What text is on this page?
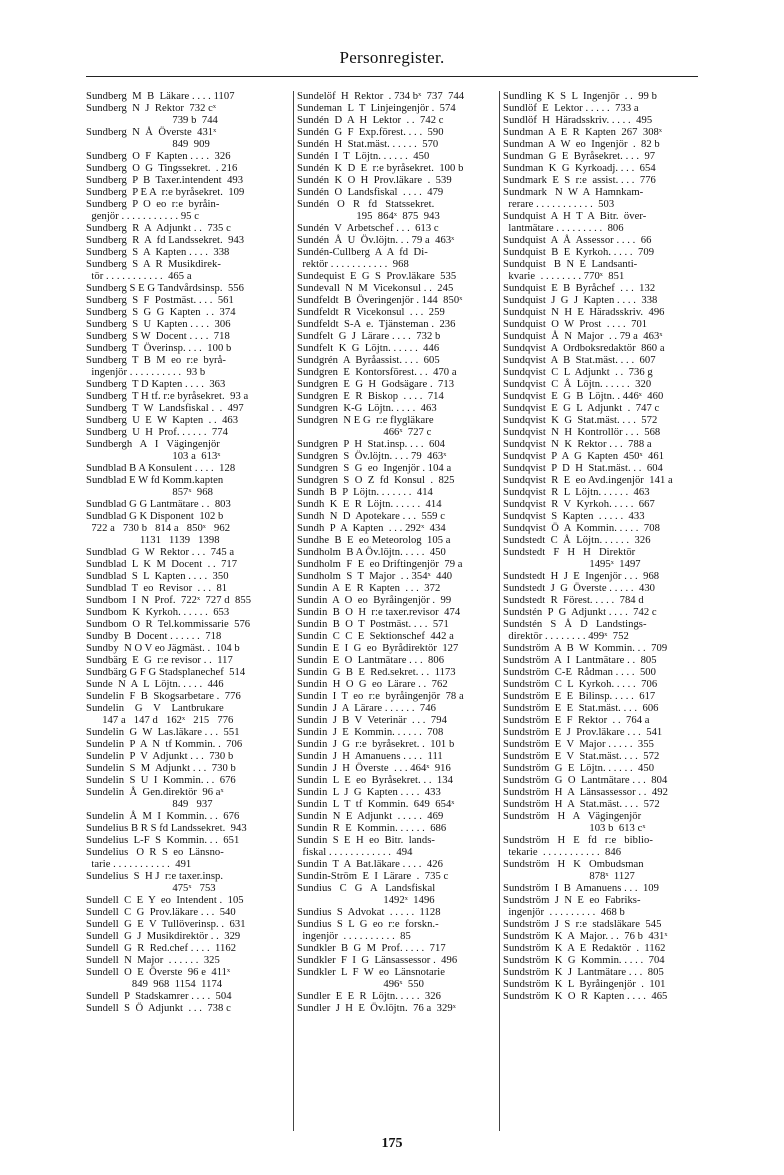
Personregister.
Sundberg  M  B  Läkare . . . . 1107
Sundberg  N  J  Rektor  732 cˣ
739 b  744
Sundberg  N  Å  Överste  431ˣ
849  909
Sundberg  O  F  Kapten . . . .  326
Sundberg  O  G  Tingssekret.  . 216
Sundberg  P  B  Taxer.intendent  493
Sundberg  P E A  r:e byråsekret.  109
Sundberg  P  O  eo  r:e  byråin-
genjör . . . . . . . . . . . 95 c
Sundberg  R  A  Adjunkt . .  735 c
Sundberg  R  A  fd Landssekret.  943
Sundberg  S  A  Kapten . . . .  338
Sundberg  S  A  R  Musikdirek-
tör . . . . . . . . . . .  465 a
Sundberg S E G Tandvårdsinsp.  556
Sundberg  S  F  Postmäst. . . .  561
Sundberg  S  G  G  Kapten  . .  374
Sundberg  S  U  Kapten . . . .  306
Sundberg  S W  Docent . . . .  718
Sundberg  T  Överinsp. . . .  100 b
Sundberg  T  B  M  eo  r:e  byrå-
ingenjör . . . . . . . . . .  93 b
Sundberg  T D Kapten . . . .  363
Sundberg  T H tf. r:e byråsekret.  93 a
Sundberg  T  W  Landsfiskal .  .  497
Sundberg  U  E  W  Kapten  . .  463
Sundberg  U  H  Prof. . . . . .  774
Sundbergh   A   I   Vägingenjör
103 a  613ˣ
Sundblad B A Konsulent . . . .  128
Sundblad E W fd Komm.kapten
857ˣ  968
Sundblad G G Lantmätare . .  803
Sundblad G K Disponent  102 b
722 a   730 b   814 a   850ˣ   962
1131   1139   1398
Sundblad  G  W  Rektor . . .  745 a
Sundblad  L  K  M  Docent  . .  717
Sundblad  S  L  Kapten . . . .  350
Sundblad  T  eo  Revisor  . . .  81
Sundbom  I  N  Prof.  722ˣ  727 d  855
Sundbom  K  Kyrkoh. . . . . .  653
Sundbom  O  R  Tel.kommissarie  576
Sundby  B  Docent . . . . . .  718
Sundby  N O V eo Jägmäst. .  104 b
Sundbärg  E  G  r:e revisor . .  117
Sundbärg G F G Stadsplanechef  514
Sunde  N  A  L  Löjtn. . . . .  446
Sundelin  F  B  Skogsarbetare .  776
Sundelin    G    V    Lantbrukare
147 a   147 d   162ˣ   215   776
Sundelin  G  W  Las.läkare . . .  551
Sundelin  P  A  N  tf Kommin. .  706
Sundelin  P  V  Adjunkt . . .  730 b
Sundelin  S  M  Adjunkt . . .  730 b
Sundelin  S  U  I  Kommin. . .  676
Sundelin  Å  Gen.direktör  96 aˣ
849   937
Sundelin  Å  M  I  Kommin. . .  676
Sundelius B R S fd Landssekret.  943
Sundelius  L-F  S  Kommin. . .  651
Sundelius   O  R  S  eo  Länsno-
tarie . . . . . . . . . . .  491
Sundelius  S  H J  r:e taxer.insp.
475ˣ   753
Sundell  C  E  Y  eo  Intendent .  105
Sundell  C  G  Prov.läkare . . .  540
Sundell  G  E  V  Tullöverinsp. .  631
Sundell  G  J  Musikdirektör . .  329
Sundell  G  R  Red.chef . . . .  1162
Sundell  N  Major  . . . . . .  325
Sundell  O  E  Överste  96 e  411ˣ
849  968  1154  1174
Sundell  P  Stadskamrer . . . .  504
Sundell  S  Ö  Adjunkt  . . .  738 c
Sundelöf  H  Rektor  . 734 bˣ  737  744
Sundeman  L  T  Linjeingenjör .  574
Sundén  D  A  H  Lektor  . .  742 c
Sundén  G  F  Exp.förest. . . .  590
Sundén  H  Stat.mäst. . . . . .  570
Sundén  I  T  Löjtn. . . . . .  450
Sundén  K  D  E  r:e byråsekret.  100 b
Sundén  K  O  H  Prov.läkare  .  539
Sundén  O  Landsfiskal  . . . .  479
Sundén   O   R   fd   Statssekret.
195  864ˣ  875  943
Sundén  V  Arbetschef . . .  613 c
Sundén  Å  U  Öv.löjtn. . . 79 a  463ˣ
Sundén-Cullberg  A  A  fd  Di-
rektör . . . . . . . . . . .  968
Sundequist  E  G  S  Prov.läkare  535
Sundevall  N  M  Vicekonsul . .  245
Sundfeldt  B  Överingenjör . 144  850ˣ
Sundfeldt  R  Vicekonsul  . . .  259
Sundfeldt  S-A  e.  Tjänsteman .  236
Sundfelt  G  J  Lärare . . . .  732 b
Sundfelt  K  G  Löjtn. . . . . .  446
Sundgrén  A  Byråassist. . . .  605
Sundgren  E  Kontorsförest. . .  470 a
Sundgren  E  G  H  Godsägare .  713
Sundgren  E  R  Biskop  . . . .  714
Sundgren  K-G  Löjtn. . . . .  463
Sundgren  N E G  r:e flygläkare
466ˣ  727 c
Sundgren  P  H  Stat.insp. . . .  604
Sundgren  S  Öv.löjtn. . . . 79  463ˣ
Sundgren  S  G  eo  Ingenjör . 104 a
Sundgren  S  O  Z  fd  Konsul  .  825
Sundh  B  P  Löjtn. . . . . . .  414
Sundh  K  E  R  Löjtn. . . . . .  414
Sundh  N  D  Apotekare . . .  559 c
Sundh  P  A  Kapten  . . . 292ˣ  434
Sundhe  B  E  eo Meteorolog  105 a
Sundholm  B A Öv.löjtn. . . . .  450
Sundholm  F  E  eo Driftingenjör  79 a
Sundholm  S  T  Major  . . 354ˣ  440
Sundin  A  E  R  Kapten  . . .  372
Sundin  A  O  eo  Byråingenjör .  99
Sundin  B  O  H  r:e taxer.revisor  474
Sundin  B  O  T  Postmäst. . . .  571
Sundin  C  C  E  Sektionschef  442 a
Sundin  E  I  G  eo  Byrådirektör  127
Sundin  E  O  Lantmätare . . .  806
Sundin  G  B  E  Red.sekret. . .  1173
Sundin  H  O  G  eo  Lärare . .  762
Sundin  I  T  eo  r:e  byråingenjör  78 a
Sundin  J  A  Lärare . . . . . .  746
Sundin  J  B  V  Veterinär  . . .  794
Sundin  J  E  Kommin. . . . . .  708
Sundin  J  G  r:e  byråsekret. .  101 b
Sundin  J  H  Amanuens . . . .  111
Sundin  J  H  Överste  . . . 464ˣ  916
Sundin  L  E  eo  Byråsekret. . .  134
Sundin  L  J  G  Kapten . . . .  433
Sundin  L  T  tf  Kommin.  649  654ˣ
Sundin  N  E  Adjunkt  . . . . .  469
Sundin  R  E  Kommin. . . . . .  686
Sundin  S  E  H  eo  Bitr.  lands-
fiskal . . . . . . . . . . . .  494
Sundin  T  A  Bat.läkare . . . .  426
Sundin-Ström  E  I  Lärare  .  735 c
Sundius   C   G   A   Landsfiskal
1492ˣ  1496
Sundius  S  Advokat  . . . . .  1128
Sundius  S  L  G  eo  r:e  forskn.-
ingenjör  . . . . . . . . . .  85
Sundkler  B  G  M  Prof. . . . .  717
Sundkler  F  I  G  Länsassessor .  496
Sundkler  L  F  W  eo  Länsnotarie
496ˣ  550
Sundler  E  E  R  Löjtn. . . . .  326
Sundler  J  H  E  Öv.löjtn.  76 a  329ˣ
Sundling  K  S  L  Ingenjör  . .  99 b
Sundlöf  E  Lektor . . . . .  733 a
Sundlöf  H  Häradsskriv. . . . .  495
Sundman  A  E  R  Kapten  267  308ˣ
Sundman  A  W  eo  Ingenjör  .  82 b
Sundman  G  E  Byråsekret. . . .  97
Sundman  K  G  Kyrkoadj. . . .  654
Sundmark  E  S  r:e  assist. . . .  776
Sundmark   N  W  A  Hamnkam-
rerare . . . . . . . . . . .  503
Sundquist  A  H  T  A  Bitr.  över-
lantmätare . . . . . . . . .  806
Sundquist  A  Å  Assessor . . . .  66
Sundquist  B  E  Kyrkoh. . . . .  709
Sundquist   B  N  E  Landsanti-
kvarie  . . . . . . . . 770ˣ  851
Sundquist  E  B  Byråchef  . . .  132
Sundquist  J  G  J  Kapten . . . .  338
Sundquist  N  H  E  Häradsskriv.  496
Sundquist  O  W  Prost  . . . .  701
Sundquist  Å  N  Major  . . 79 a  463ˣ
Sundqvist  A  Ordboksredaktör  860 a
Sundqvist  A  B  Stat.mäst. . . .  607
Sundqvist  C  L  Adjunkt  . .  736 g
Sundqvist  C  Å  Löjtn. . . . . .  320
Sundqvist  E  G  B  Löjtn. . 446ˣ  460
Sundqvist  E  G  L  Adjunkt  .  747 c
Sundqvist  K  G  Stat.mäst. . . .  572
Sundqvist  N  H  Kontrollör . . .  568
Sundqvist  N  K  Rektor . . .  788 a
Sundqvist  P  A  G  Kapten  450ˣ  461
Sundqvist  P  D  H  Stat.mäst. . .  604
Sundqvist  R  E  eo Avd.ingenjör  141 a
Sundqvist  R  L  Löjtn. . . . . .  463
Sundqvist  R  V  Kyrkoh. . . . .  667
Sundqvist  S  Kapten  . . . . .  433
Sundqvist  Ö  A  Kommin. . . . .  708
Sundstedt  C  Å  Löjtn. . . . . .  326
Sundstedt   F   H   H   Direktör
1495ˣ  1497
Sundstedt  H  J  E  Ingenjör . . .  968
Sundstedt  J  G  Överste . . . . .  430
Sundstedt  R  Förest. . . . .  784 d
Sundstén  P  G  Adjunkt . . . .  742 c
Sundstén   S   Å   D   Landstings-
direktör . . . . . . . . 499ˣ  752
Sundström  A  B  W  Kommin. . .  709
Sundström  A  I  Lantmätare . .  805
Sundström  C-E  Rådman . . . .  500
Sundström  C  L  Kyrkoh. . . . .  706
Sundström  E  E  Bilinsp. . . . .  617
Sundström  E  E  Stat.mäst. . . .  606
Sundström  E  F  Rektor  . .  764 a
Sundström  E  J  Prov.läkare . . .  541
Sundström  E  V  Major . . . . .  355
Sundström  E  V  Stat.mäst. . . .  572
Sundström  G  E  Löjtn. . . . . .  450
Sundström  G  O  Lantmätare . . .  804
Sundström  H  A  Länsassessor . .  492
Sundström  H  A  Stat.mäst. . . .  572
Sundström   H   A   Vägingenjör
103 b  613 cˣ
Sundström   H   E   fd   r:e   biblio-
tekarie  . . . . . . . . . . .  846
Sundström   H   K   Ombudsman
878ˣ  1127
Sundström  I  B  Amanuens . . .  109
Sundström  J  N  E  eo  Fabriks-
ingenjör  . . . . . . . . .  468 b
Sundström  J  S  r:e  stadsläkare  545
Sundström  K  A  Major. . .  76 b  431ˣ
Sundström  K  A  E  Redaktör  .  1162
Sundström  K  G  Kommin. . . . .  704
Sundström  K  J  Lantmätare . . .  805
Sundström  K  L  Byråingenjör  .  101
Sundström  K  O  R  Kapten . . . .  465
175
